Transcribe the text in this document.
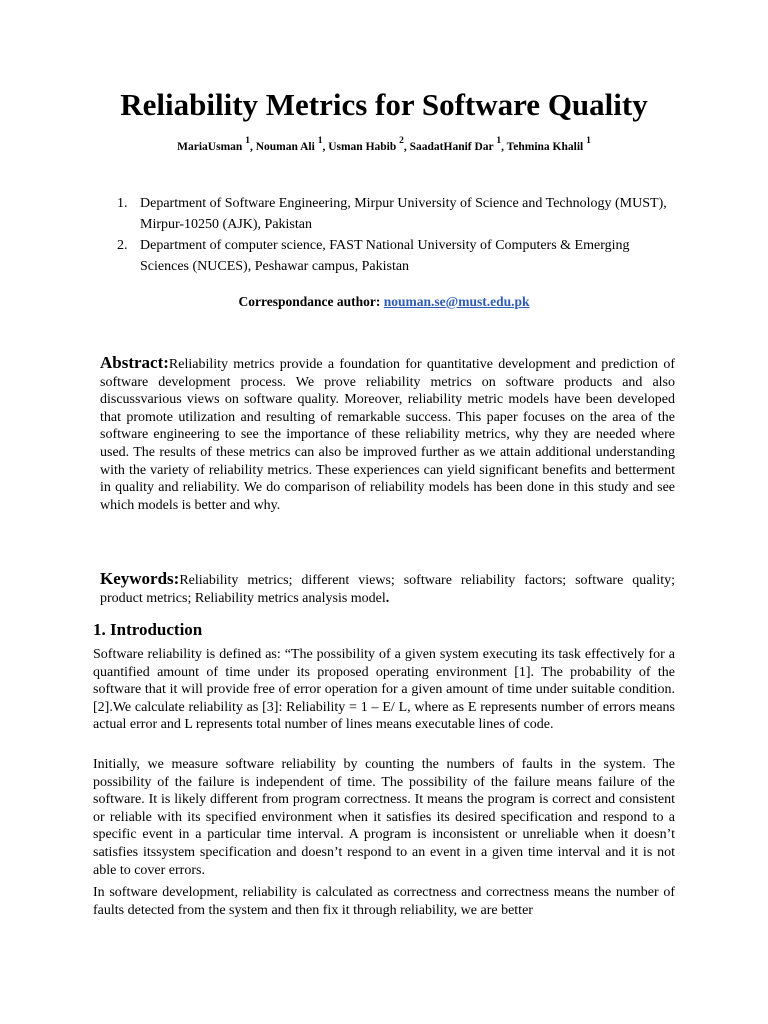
Reliability Metrics for Software Quality
MariaUsman $^1$, Nouman Ali $^1$, Usman Habib $^2$, SaadatHanif Dar $^1$, Tehmina Khalil $^1$
1. Department of Software Engineering, Mirpur University of Science and Technology (MUST), Mirpur-10250 (AJK), Pakistan
2. Department of computer science, FAST National University of Computers & Emerging Sciences (NUCES), Peshawar campus, Pakistan
Correspondance author: nouman.se@must.edu.pk

Abstract:Reliability metrics provide a foundation for quantitative development and prediction of software development process. We prove reliability metrics on software products and also discussvarious views on software quality. Moreover, reliability metric models have been developed that promote utilization and resulting of remarkable success. This paper focuses on the area of the software engineering to see the importance of these reliability metrics, why they are needed where used. The results of these metrics can also be improved further as we attain additional understanding with the variety of reliability metrics. These experiences can yield significant benefits and betterment in quality and reliability. We do comparison of reliability models has been done in this study and see which models is better and why.

Keywords:Reliability metrics; different views; software reliability factors; software quality; product metrics; Reliability metrics analysis model.

1. Introduction

Software reliability is defined as: “The possibility of a given system executing its task effectively for a quantified amount of time under its proposed operating environment [1]. The probability of the software that it will provide free of error operation for a given amount of time under suitable condition. [2].We calculate reliability as [3]: Reliability = 1 – E/ L, where as E represents number of errors means actual error and L represents total number of lines means executable lines of code.

Initially, we measure software reliability by counting the numbers of faults in the system. The possibility of the failure is independent of time. The possibility of the failure means failure of the software. It is likely different from program correctness. It means the program is correct and consistent or reliable with its specified environment when it satisfies its desired specification and respond to a specific event in a particular time interval. A program is inconsistent or unreliable when it doesn’t satisfies itssystem specification and doesn’t respond to an event in a given time interval and it is not able to cover errors.

In software development, reliability is calculated as correctness and correctness means the number of faults detected from the system and then fix it through reliability, we are better
